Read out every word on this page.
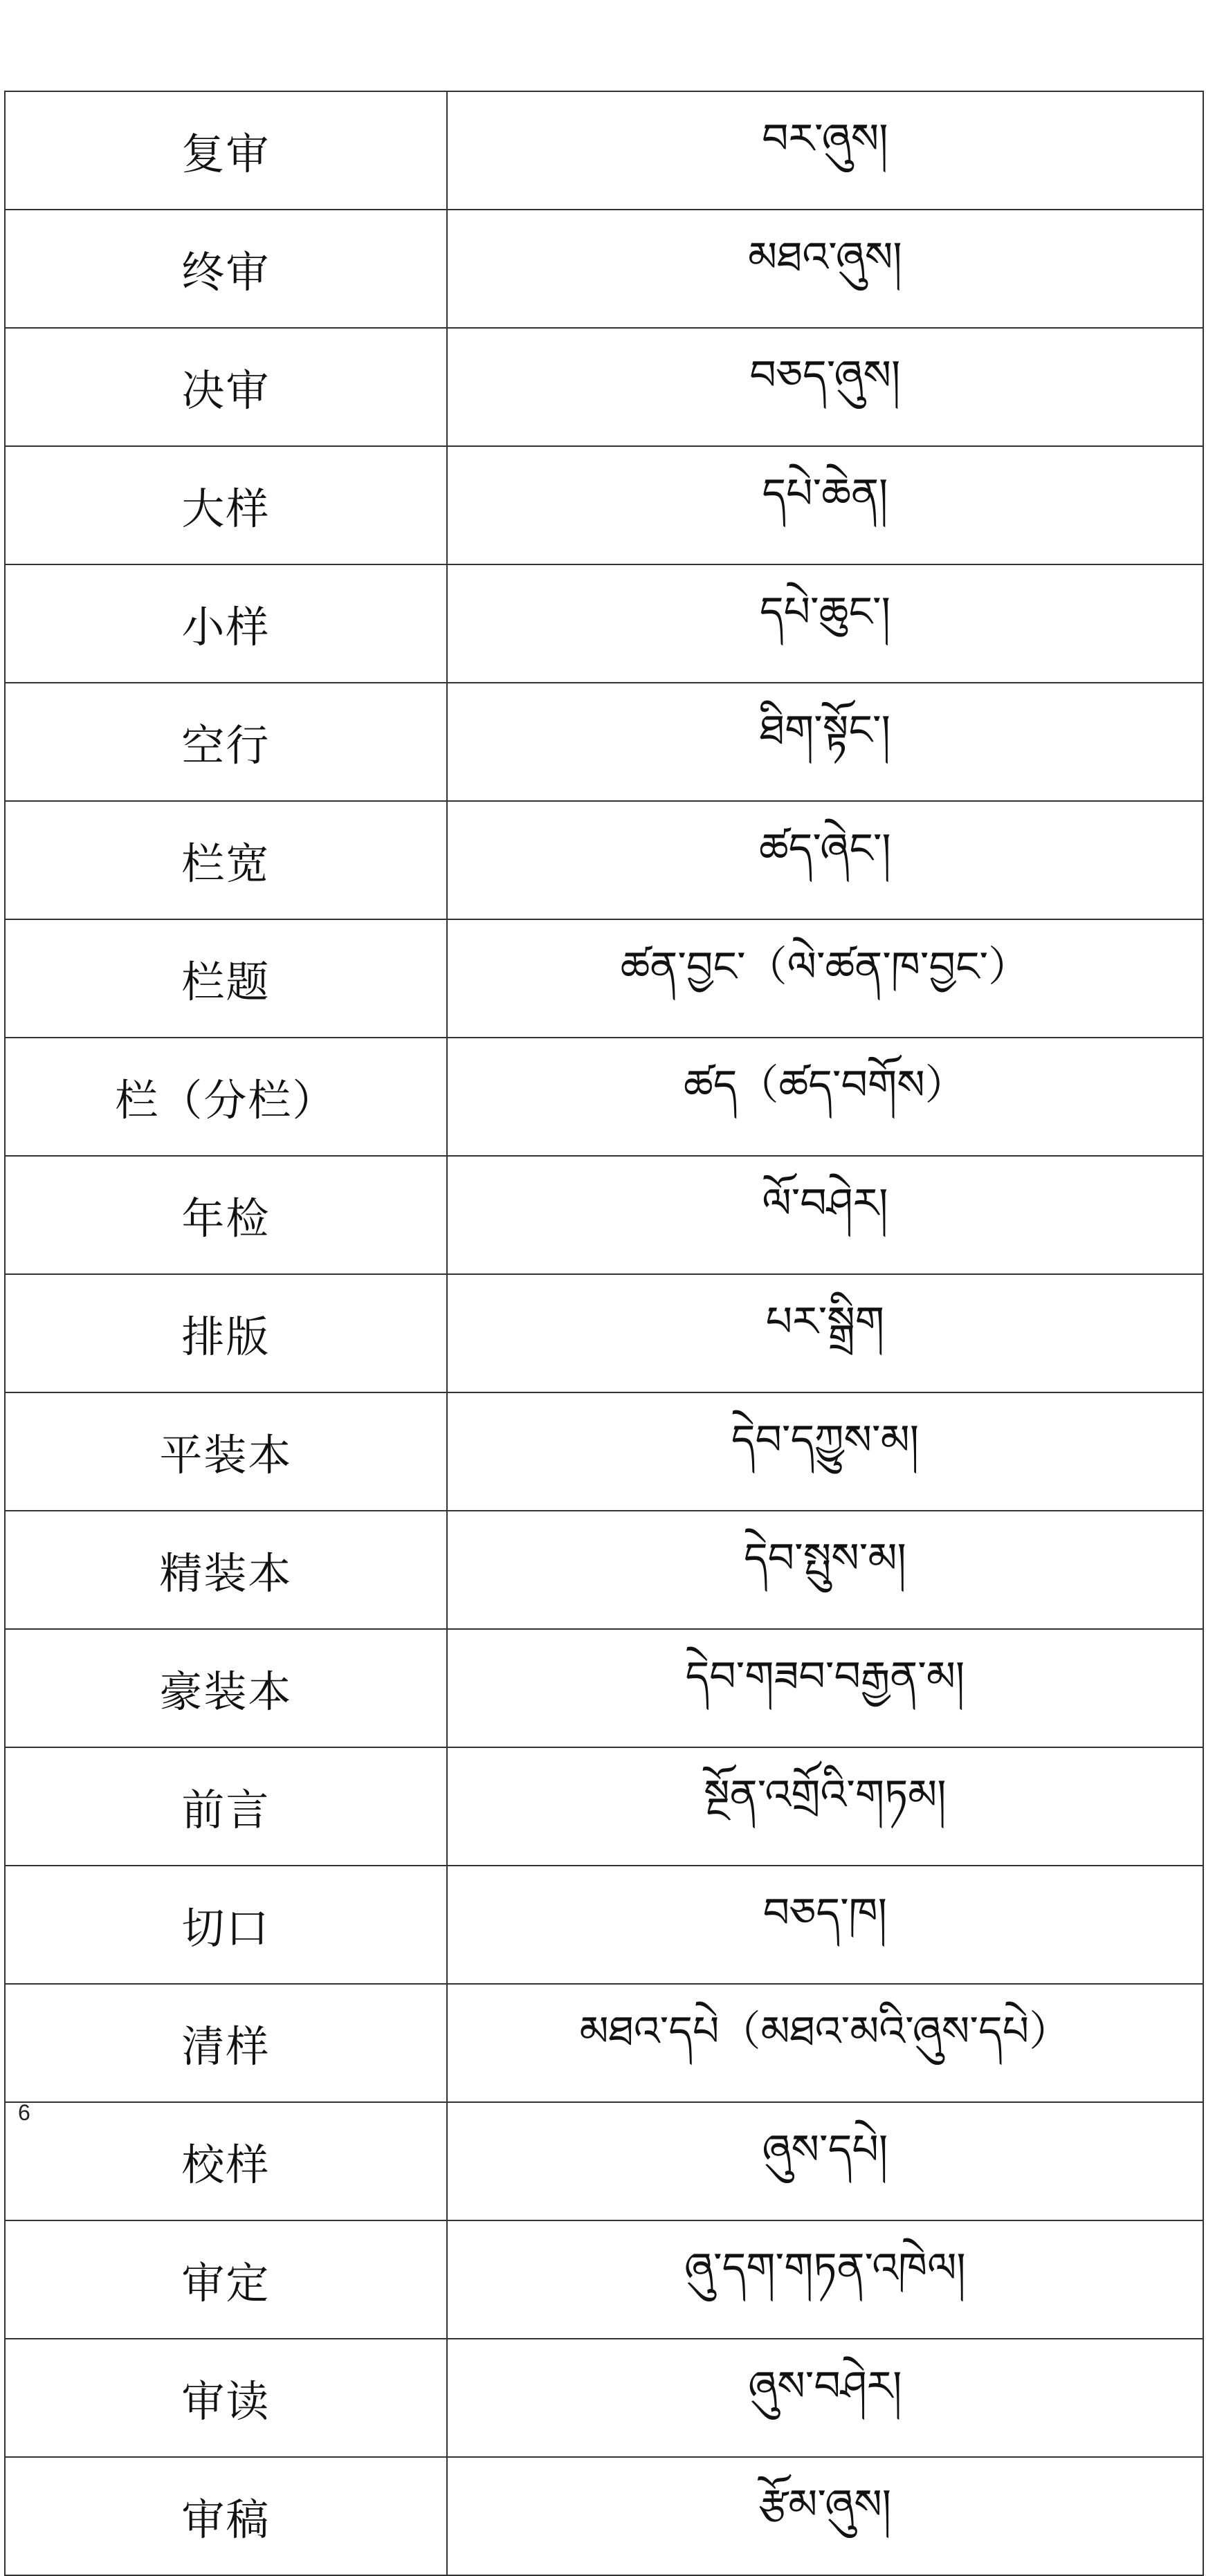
复审	བར་ཞུས།
终审	མཐའ་ཞུས།
决审	བཅད་ཞུས།
大样	དཔེ་ཆེན།
小样	དཔེ་ཆུང་།
空行	ཐིག་སྟོང་།
栏宽	ཚད་ཞེང་།
栏题	ཚན་བྱང་（ལེ་ཚན་ཁ་བྱང་）
栏（分栏）	ཚད（ཚད་བགོས）
年检	ལོ་བཤེར།
排版	པར་སྒྲིག
平装本	དེབ་དཀྱུས་མ།
精装本	དེབ་སྤུས་མ།
豪装本	དེབ་གཟབ་བརྒྱན་མ།
前言	སྔོན་འགྲོའི་གཏམ།
切口	བཅད་ཁ།
清样	མཐའ་དཔེ（མཐའ་མའི་ཞུས་དཔེ）
校样	ཞུས་དཔེ།
审定	ཞུ་དག་གཏན་འཁེལ།
审读	ཞུས་བཤེར།
审稿	རྩོམ་ཞུས།
6
